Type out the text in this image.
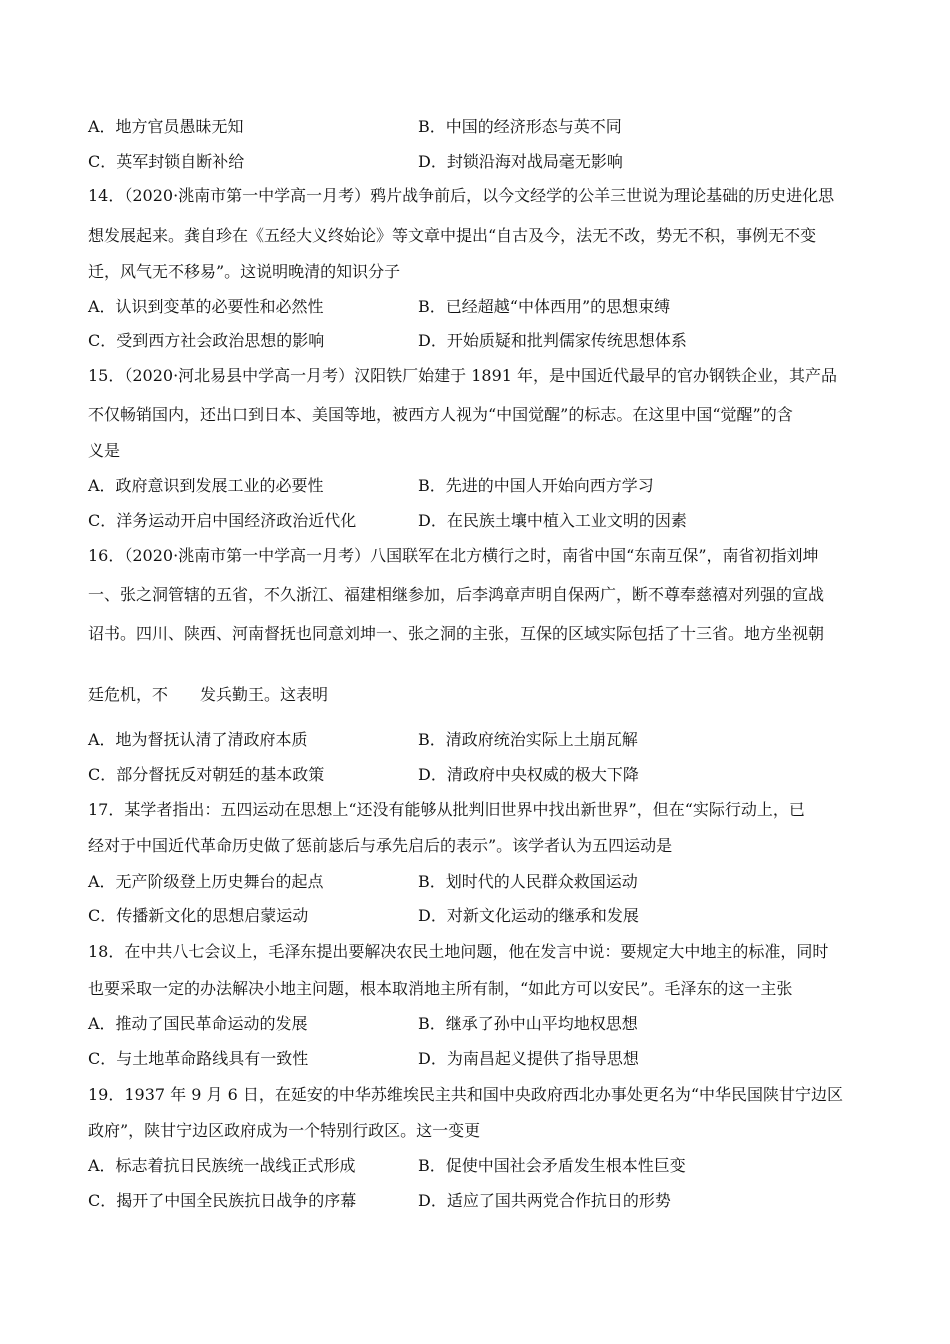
A．地方官员愚昧无知	B．中国的经济形态与英不同
C．英军封锁自断补给	D．封锁沿海对战局毫无影响
14．（2020·洮南市第一中学高一月考）鸦片战争前后，以今文经学的公羊三世说为理论基础的历史进化思
想发展起来。龚自珍在《五经大义终始论》等文章中提出“自古及今，法无不改，势无不积，事例无不变
迁，风气无不移易”。这说明晚清的知识分子
A．认识到变革的必要性和必然性	B．已经超越“中体西用”的思想束缚
C．受到西方社会政治思想的影响	D．开始质疑和批判儒家传统思想体系
15．（2020·河北易县中学高一月考）汉阳铁厂始建于 1891 年，是中国近代最早的官办钢铁企业，其产品
不仅畅销国内，还出口到日本、美国等地，被西方人视为“中国觉醒”的标志。在这里中国“觉醒”的含
义是
A．政府意识到发展工业的必要性	B．先进的中国人开始向西方学习
C．洋务运动开启中国经济政治近代化	D．在民族土壤中植入工业文明的因素
16．（2020·洮南市第一中学高一月考）八国联军在北方横行之时，南省中国“东南互保”，南省初指刘坤
一、张之洞管辖的五省，不久浙江、福建相继参加，后李鸿章声明自保两广，断不尊奉慈禧对列强的宣战
诏书。四川、陕西、河南督抚也同意刘坤一、张之洞的主张，互保的区域实际包括了十三省。地方坐视朝
廷危机，不　　发兵勤王。这表明
A．地为督抚认清了清政府本质	B．清政府统治实际上土崩瓦解
C．部分督抚反对朝廷的基本政策	D．清政府中央权威的极大下降
17．某学者指出：五四运动在思想上“还没有能够从批判旧世界中找出新世界”，但在“实际行动上，已
经对于中国近代革命历史做了惩前毖后与承先启后的表示”。该学者认为五四运动是
A．无产阶级登上历史舞台的起点	B．划时代的人民群众救国运动
C．传播新文化的思想启蒙运动	D．对新文化运动的继承和发展
18．在中共八七会议上，毛泽东提出要解决农民土地问题，他在发言中说：要规定大中地主的标准，同时
也要采取一定的办法解决小地主问题，根本取消地主所有制，“如此方可以安民”。毛泽东的这一主张
A．推动了国民革命运动的发展	B．继承了孙中山平均地权思想
C．与土地革命路线具有一致性	D．为南昌起义提供了指导思想
19．1937 年 9 月 6 日，在延安的中华苏维埃民主共和国中央政府西北办事处更名为“中华民国陕甘宁边区
政府”，陕甘宁边区政府成为一个特别行政区。这一变更
A．标志着抗日民族统一战线正式形成	B．促使中国社会矛盾发生根本性巨变
C．揭开了中国全民族抗日战争的序幕	D．适应了国共两党合作抗日的形势
